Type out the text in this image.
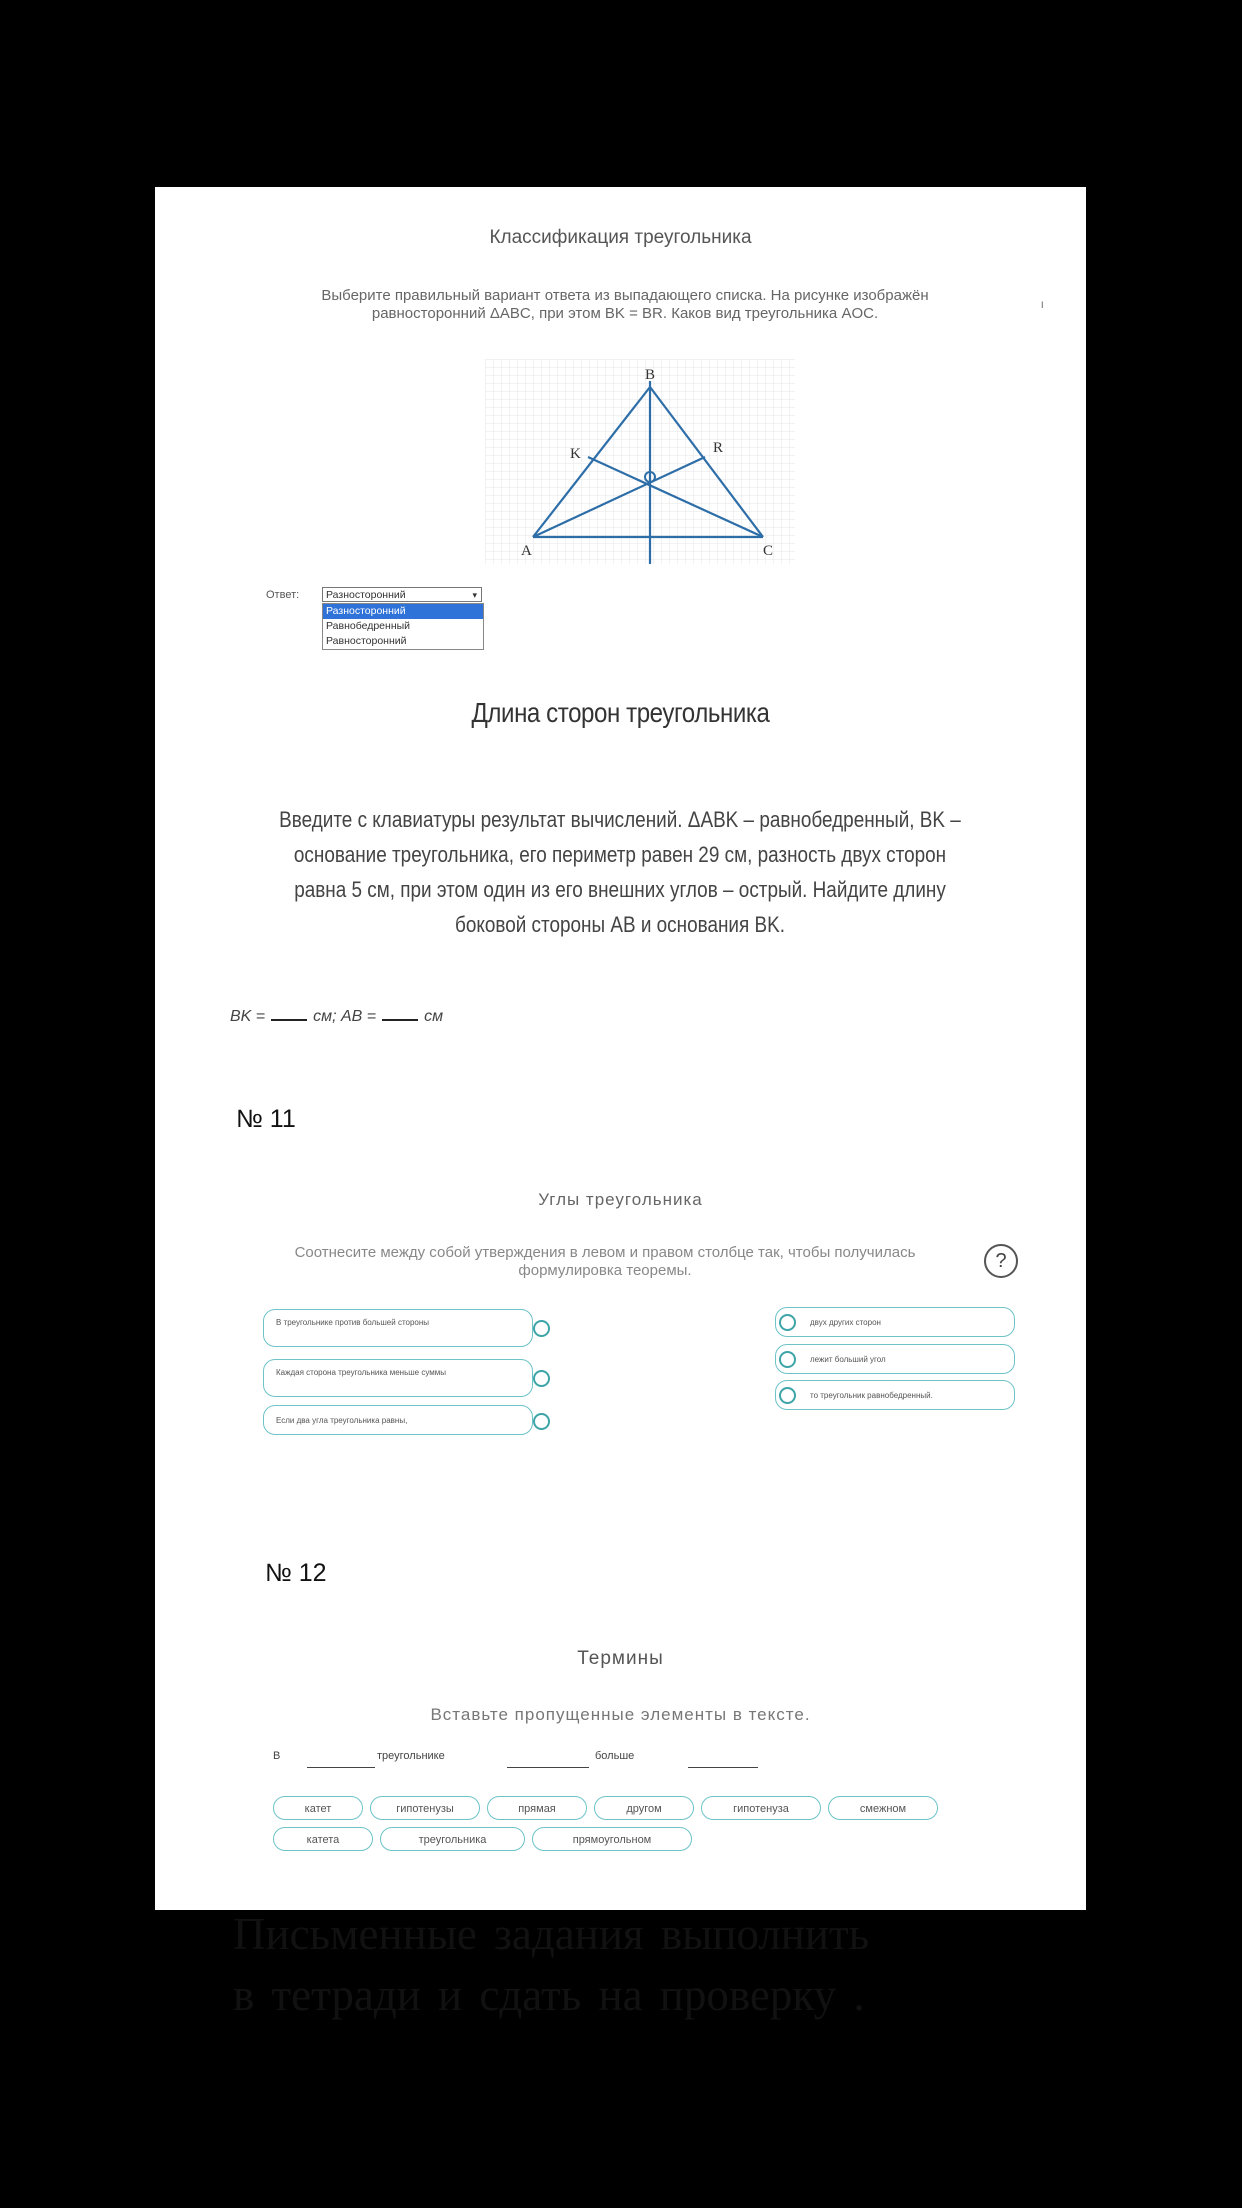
Классификация треугольника
Выберите правильный вариант ответа из выпадающего списка. На рисунке изображён равносторонний ΔABC, при этом BK = BR. Каков вид треугольника AOC.
ı
B
K	R
A	C
Ответ:	Разносторонний	▾
Разносторонний
Равнобедренный
Равносторонний
Длина сторон треугольника
Введите с клавиатуры результат вычислений. ΔABK – равнобедренный, BK – основание треугольника, его периметр равен 29 см, разность двух сторон равна 5 см, при этом один из его внешних углов – острый. Найдите длину боковой стороны AB и основания BK.
BK =	см; AB =	см
№ 11
Углы треугольника
Соотнесите между собой утверждения в левом и правом столбце так, чтобы получилась формулировка теоремы.	?
В треугольнике против большей стороны
Каждая сторона треугольника меньше суммы
Если два угла треугольника равны,
двух других сторон
лежит больший угол
то треугольник равнобедренный.
№ 12
Термины
Вставьте пропущенные элементы в тексте.
В	треугольнике	больше
катет	гипотенузы	прямая	другом	гипотенуза	смежном
катета	треугольника	прямоугольном
Письменные задания выполнить
в тетради и сдать на проверку .
